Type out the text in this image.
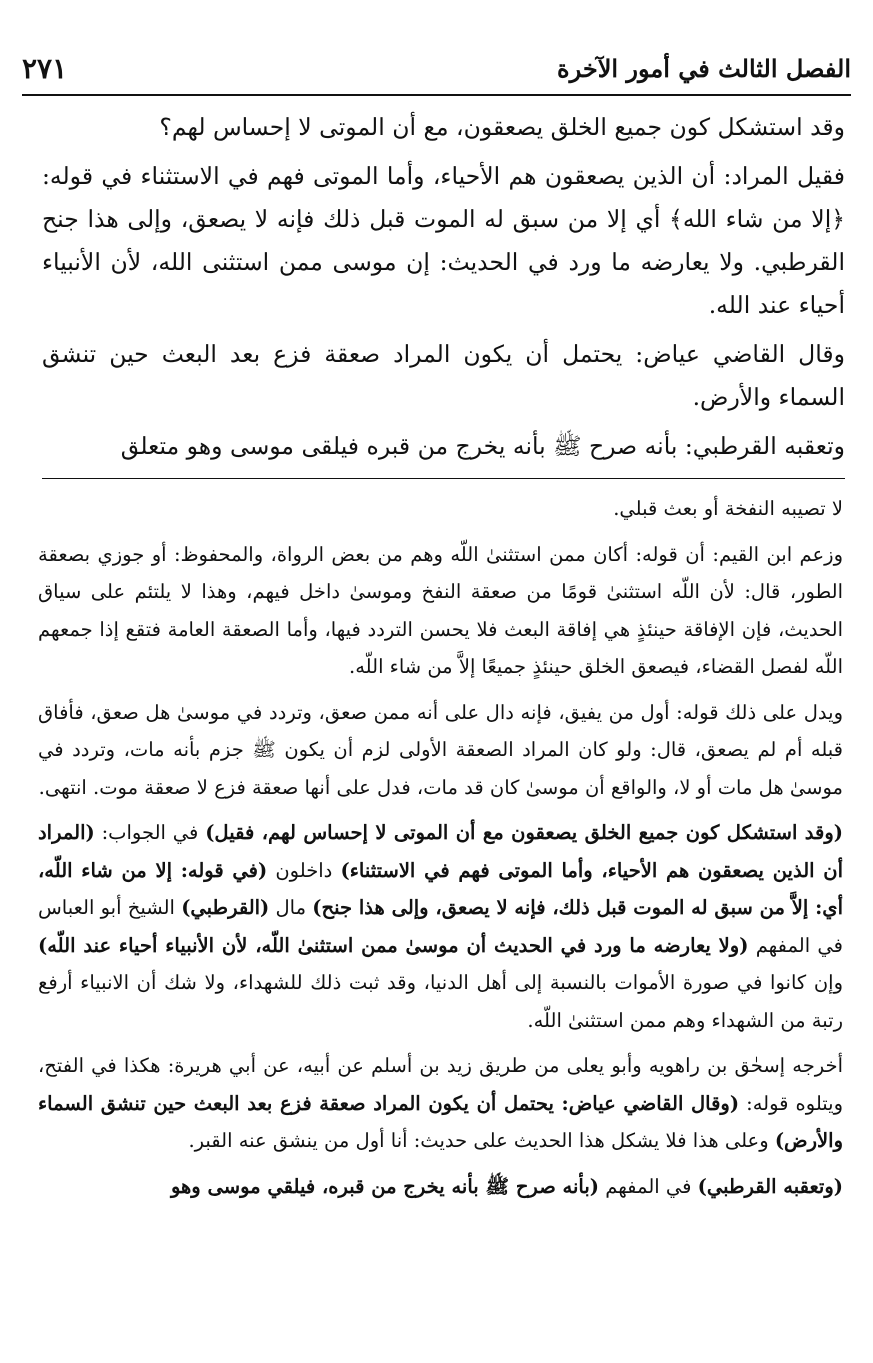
الفصل الثالث في أمور الآخرة
٢٧١

وقد استشكل كون جميع الخلق يصعقون، مع أن الموتى لا إحساس لهم؟

فقيل المراد: أن الذين يصعقون هم الأحياء، وأما الموتى فهم في الاستثناء في قوله: ﴿إلا من شاء الله﴾ أي إلا من سبق له الموت قبل ذلك فإنه لا يصعق، وإلى هذا جنح القرطبي. ولا يعارضه ما ورد في الحديث: إن موسى ممن استثنى الله، لأن الأنبياء أحياء عند الله.

وقال القاضي عياض: يحتمل أن يكون المراد صعقة فزع بعد البعث حين تنشق السماء والأرض.

وتعقبه القرطبي: بأنه صرح ﷺ بأنه يخرج من قبره فيلقى موسى وهو متعلق

لا تصيبه النفخة أو بعث قبلي.

وزعم ابن القيم: أن قوله: أكان ممن استثنىٰ اللّه وهم من بعض الرواة، والمحفوظ: أو جوزي بصعقة الطور، قال: لأن اللّه استثنىٰ قومًا من صعقة النفخ وموسىٰ داخل فيهم، وهذا لا يلتئم على سياق الحديث، فإن الإفاقة حينئذٍ هي إفاقة البعث فلا يحسن التردد فيها، وأما الصعقة العامة فتقع إذا جمعهم اللّه لفصل القضاء، فيصعق الخلق حينئذٍ جميعًا إلاَّ من شاء اللّه.

ويدل على ذلك قوله: أول من يفيق، فإنه دال على أنه ممن صعق، وتردد في موسىٰ هل صعق، فأفاق قبله أم لم يصعق، قال: ولو كان المراد الصعقة الأولى لزم أن يكون ﷺ جزم بأنه مات، وتردد في موسىٰ هل مات أو لا، والواقع أن موسىٰ كان قد مات، فدل على أنها صعقة فزع لا صعقة موت. انتهى.

(وقد استشكل كون جميع الخلق يصعقون مع أن الموتى لا إحساس لهم، فقيل) في الجواب: (المراد أن الذين يصعقون هم الأحياء، وأما الموتى فهم في الاستثناء) داخلون (في قوله: إلا من شاء اللّه، أي: إلاَّ من سبق له الموت قبل ذلك، فإنه لا يصعق، وإلى هذا جنح) مال (القرطبي) الشيخ أبو العباس في المفهم (ولا يعارضه ما ورد في الحديث أن موسىٰ ممن استثنىٰ اللّه، لأن الأنبياء أحياء عند اللّه) وإن كانوا في صورة الأموات بالنسبة إلى أهل الدنيا، وقد ثبت ذلك للشهداء، ولا شك أن الانبياء أرفع رتبة من الشهداء وهم ممن استثنىٰ اللّه.

أخرجه إسحٰق بن راهويه وأبو يعلى من طريق زيد بن أسلم عن أبيه، عن أبي هريرة: هكذا في الفتح، ويتلوه قوله: (وقال القاضي عياض: يحتمل أن يكون المراد صعقة فزع بعد البعث حين تنشق السماء والأرض) وعلى هذا فلا يشكل هذا الحديث على حديث: أنا أول من ينشق عنه القبر.

(وتعقبه القرطبي) في المفهم (بأنه صرح ﷺ بأنه يخرج من قبره، فيلقي موسى وهو
